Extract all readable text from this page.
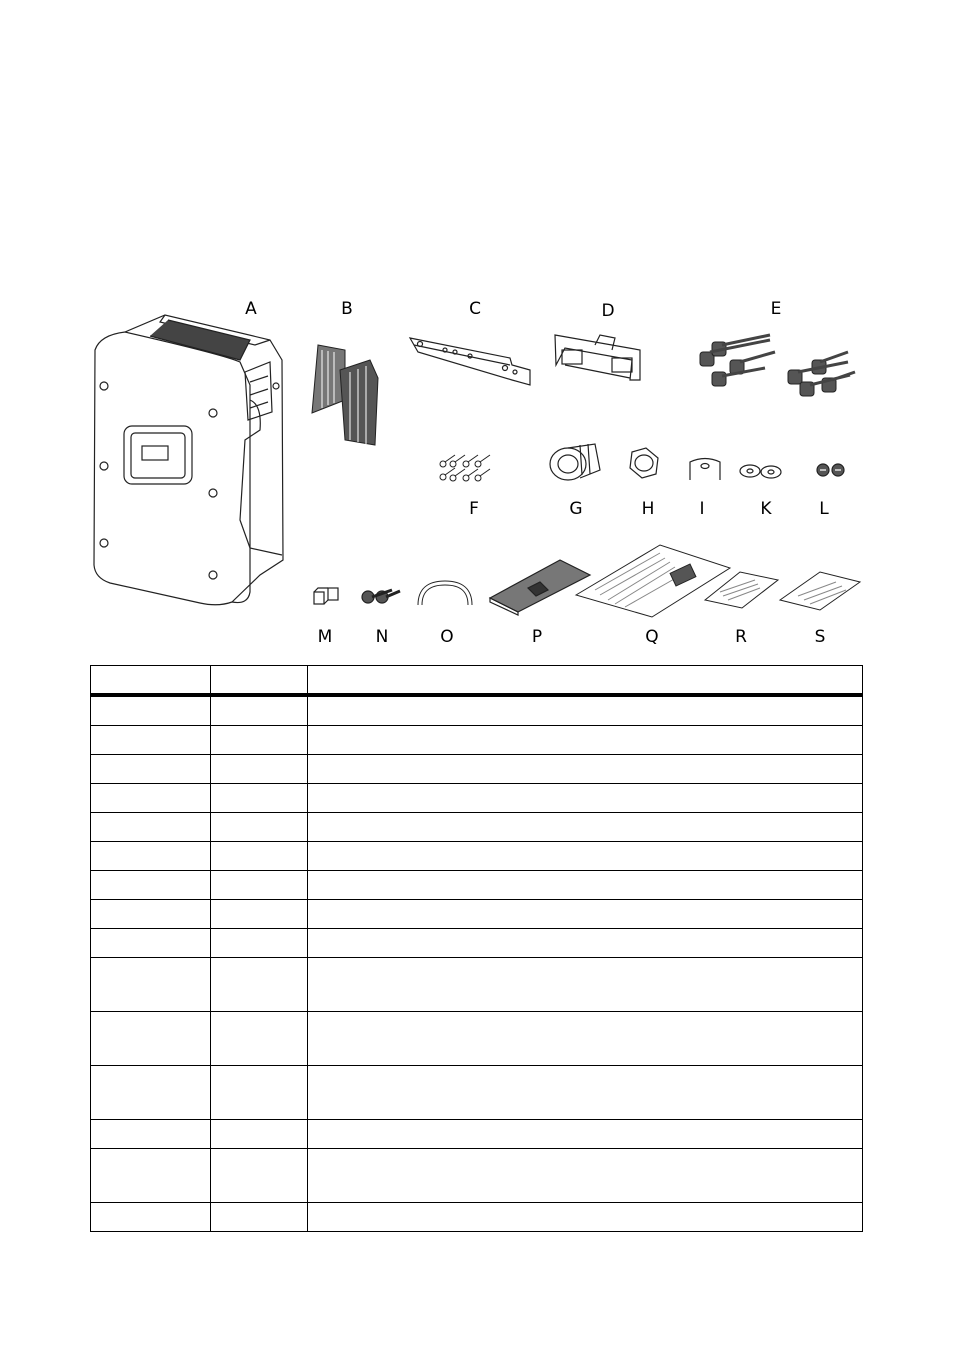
A	B	C	D	E
F	G	H	I	K	L
M	N	O	P	Q	R	S
